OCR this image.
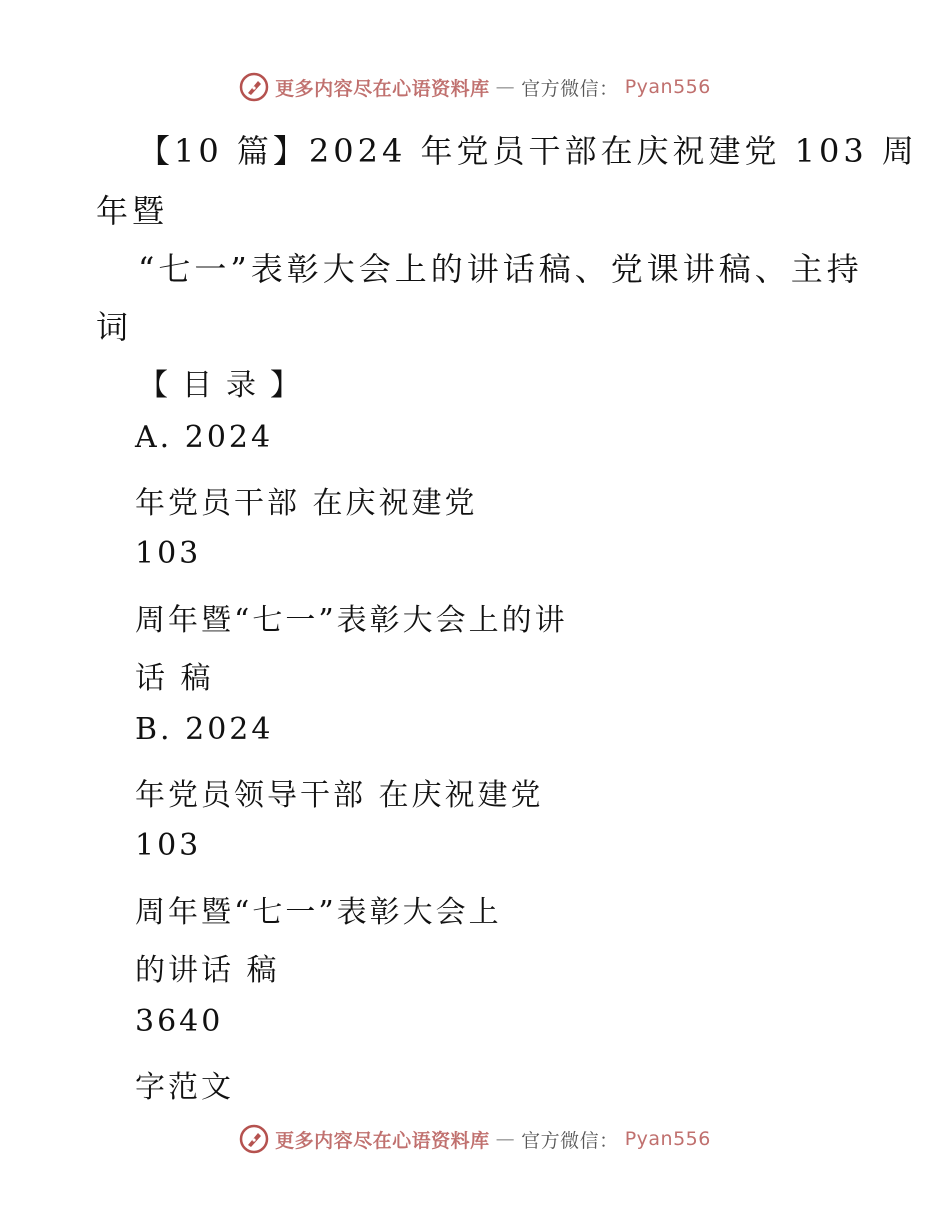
更多内容尽在心语资料库 — 官方微信： Pyan556
【10 篇】2024 年党员干部在庆祝建党 103 周
年暨
“七一”表彰大会上的讲话稿、党课讲稿、主持
词
【目录】
A. 2024
年党员干部 在庆祝建党
103
周年暨“七一”表彰大会上的讲
话 稿
B. 2024
年党员领导干部 在庆祝建党
103
周年暨“七一”表彰大会上
的讲话 稿
3640
字范文
更多内容尽在心语资料库 — 官方微信： Pyan556
